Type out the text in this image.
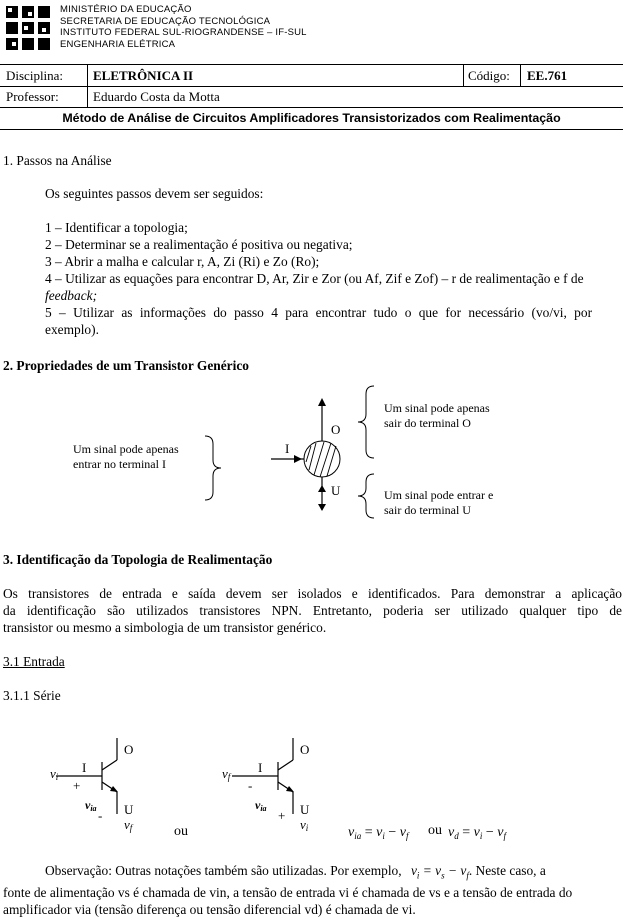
MINISTÉRIO DA EDUCAÇÃO
SECRETARIA DE EDUCAÇÃO TECNOLÓGICA
INSTITUTO FEDERAL SUL-RIOGRANDENSE – IF-SUL
ENGENHARIA ELÉTRICA
Disciplina: ELETRÔNICA II	Código: EE.761
Professor:	Eduardo Costa da Motta
Método de Análise de Circuitos Amplificadores Transistorizados com Realimentação
1. Passos na Análise
Os seguintes passos devem ser seguidos:
1 – Identificar a topologia;
2 – Determinar se a realimentação é positiva ou negativa;
3 – Abrir a malha e calcular r, A, Zi (Ri) e Zo (Ro);
4 – Utilizar as equações para encontrar D, Ar, Zir e Zor (ou Af, Zif e Zof) – r de realimentação e f de
feedback;
5 – Utilizar as informações do passo 4 para encontrar tudo o que for necessário (vo/vi, por
exemplo).
2. Propriedades de um Transistor Genérico
O
I
U
Um sinal pode apenas
entrar no terminal I
Um sinal pode apenas
sair do terminal O
Um sinal pode entrar e
sair do terminal U
3. Identificação da Topologia de Realimentação
Os transistores de entrada e saída devem ser isolados e identificados. Para demonstrar a aplicação
da identificação são utilizados transistores NPN. Entretanto, poderia ser utilizado qualquer tipo de
transistor ou mesmo a simbologia de um transistor genérico.
3.1 Entrada
3.1.1 Série
O
I
U
vi
+
via -
vf	ou
O
I
U
vf
-
via +
vi	$v_{ia} = v_i - v_f$ ou $v_d = v_i - v_f$
Observação: Outras notações também são utilizadas. Por exemplo, $v_i = v_s - v_f$. Neste caso, a
fonte de alimentação vs é chamada de vin, a tensão de entrada vi é chamada de vs e a tensão de entrada do
amplificador via (tensão diferença ou tensão diferencial vd) é chamada de vi.
